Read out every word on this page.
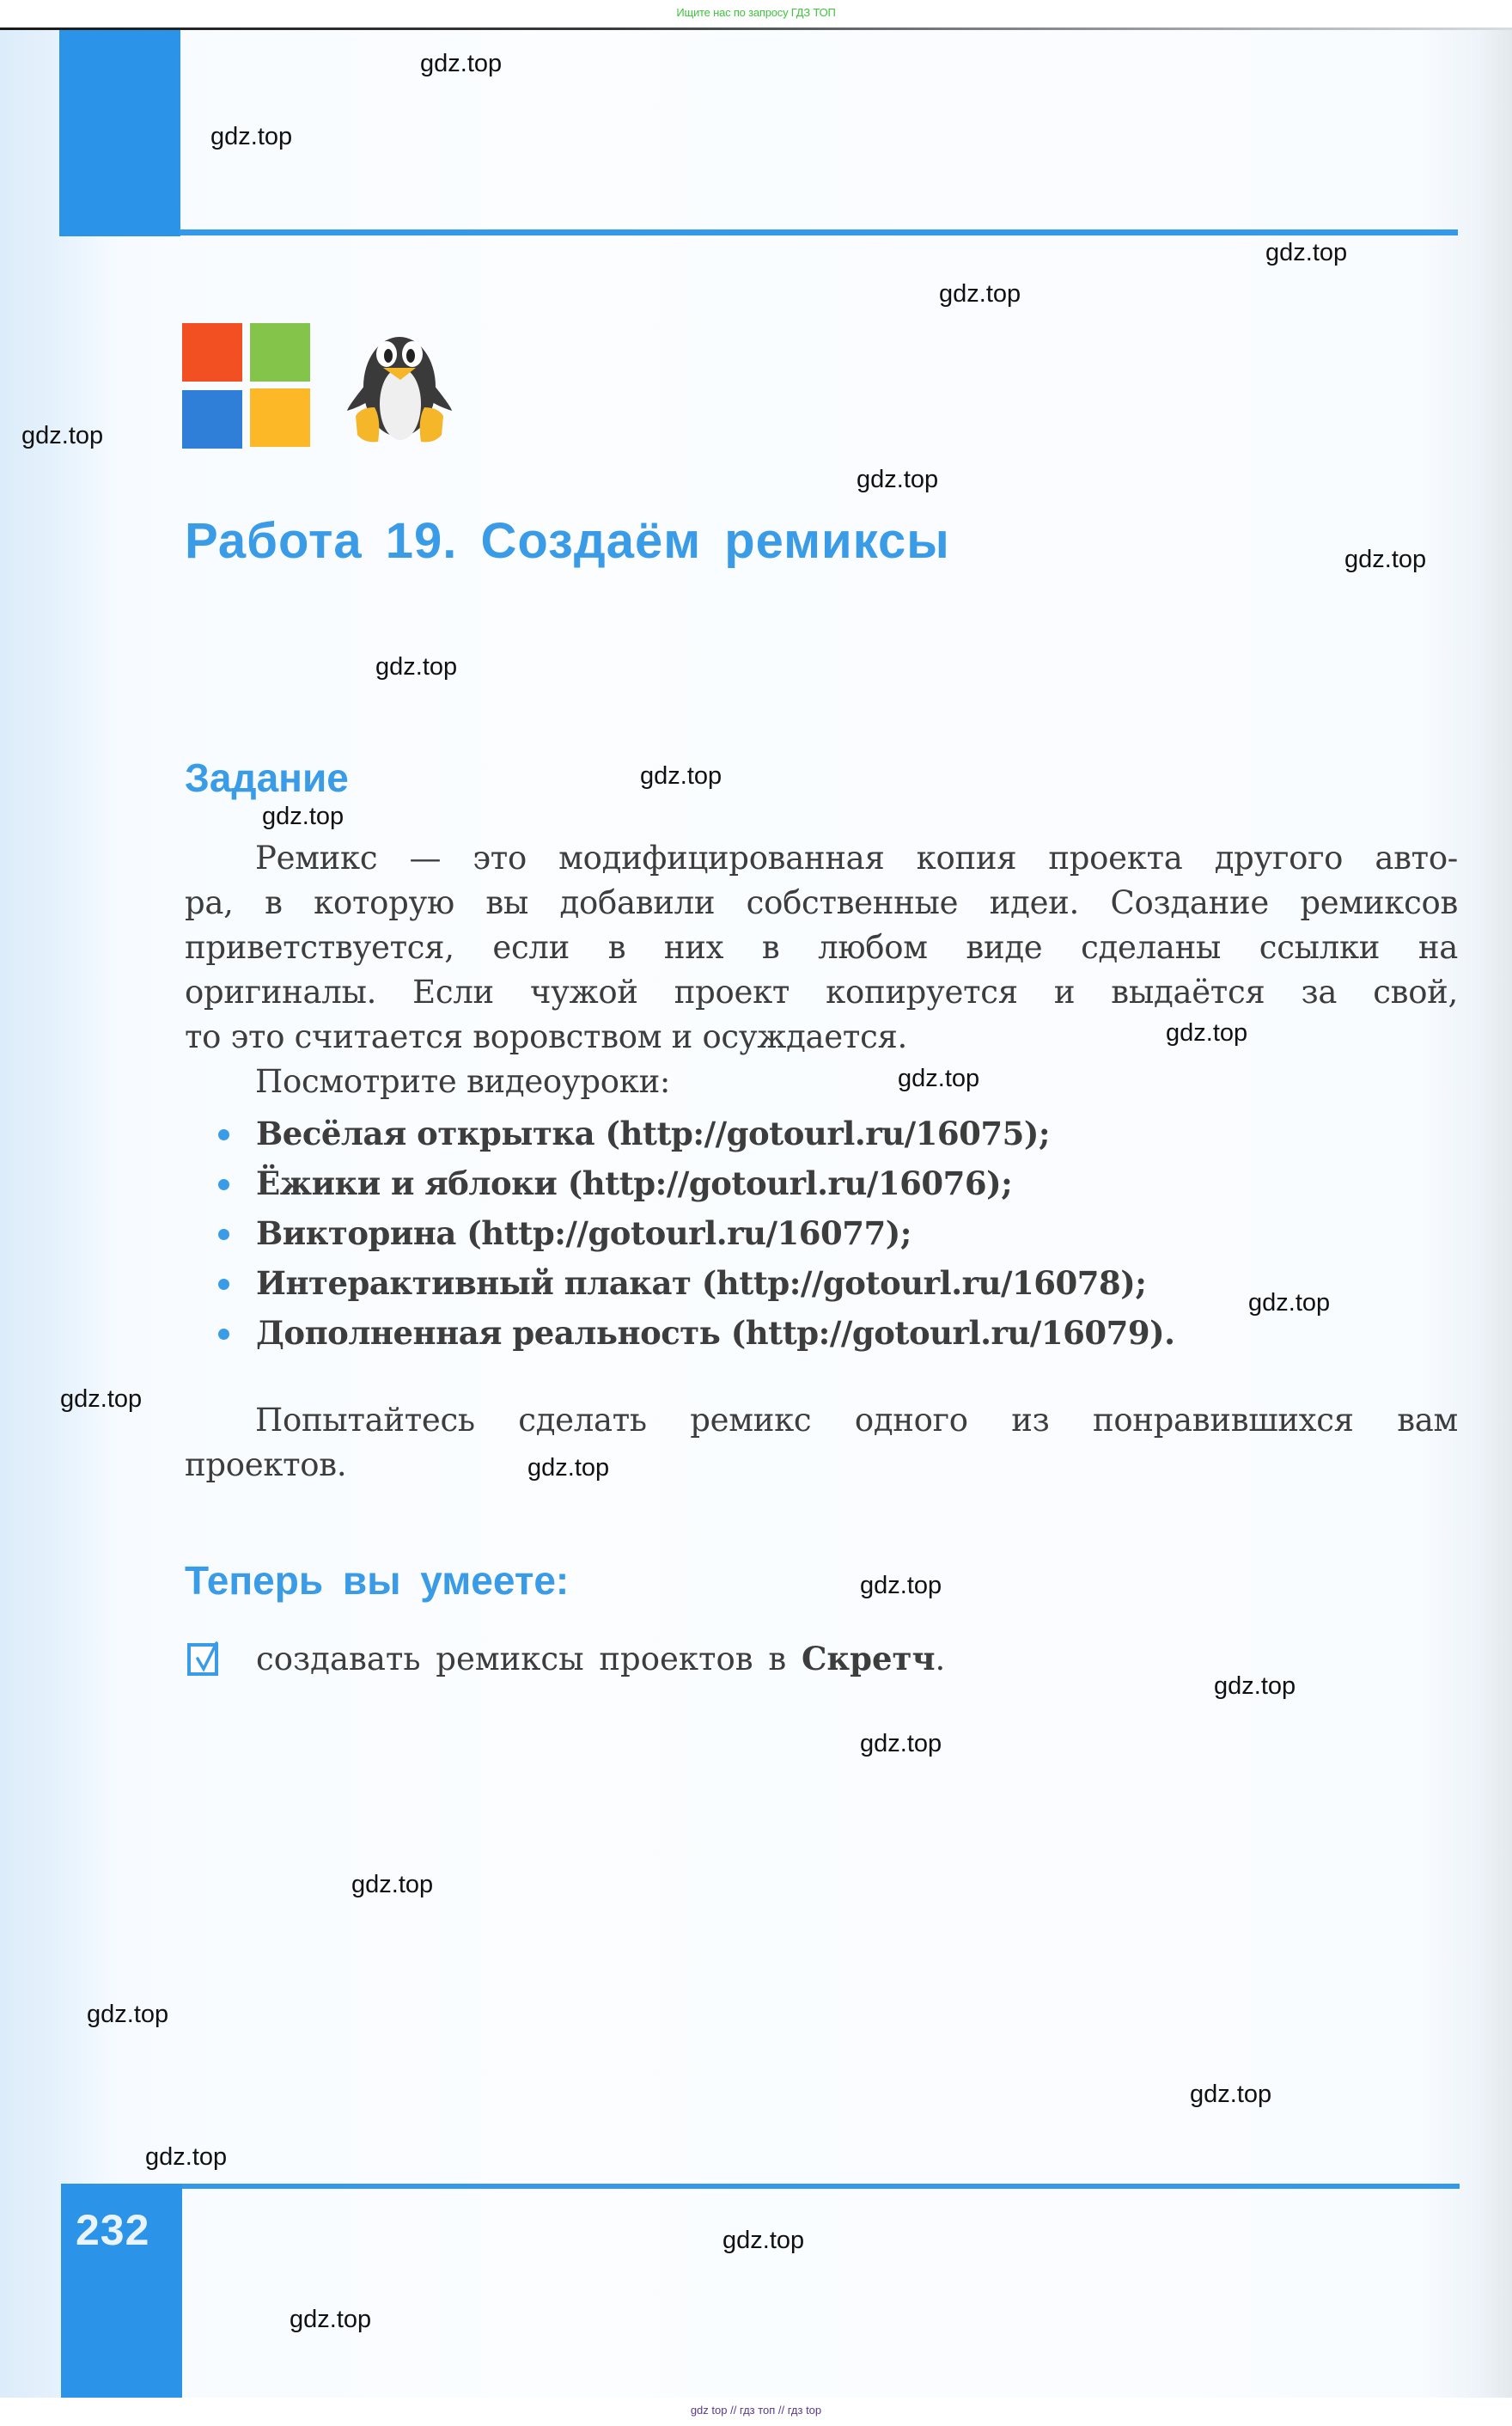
Ищите нас по запросу ГДЗ ТОП
Работа 19. Создаём ремиксы
Задание
Ремикс — это модифицированная копия проекта другого авто-
ра, в которую вы добавили собственные идеи. Создание ремиксов
приветствуется, если в них в любом виде сделаны ссылки на
оригиналы. Если чужой проект копируется и выдаётся за свой,
то это считается воровством и осуждается.
Посмотрите видеоуроки:
Весёлая открытка (http://gotourl.ru/16075);
Ёжики и яблоки (http://gotourl.ru/16076);
Викторина (http://gotourl.ru/16077);
Интерактивный плакат (http://gotourl.ru/16078);
Дополненная реальность (http://gotourl.ru/16079).
Попытайтесь сделать ремикс одного из понравившихся вам
проектов.
Теперь вы умеете:
создавать ремиксы проектов в Скретч.
232
gdz.top
gdz.top
gdz.top
gdz.top
gdz.top
gdz.top
gdz.top
gdz.top
gdz.top
gdz.top
gdz.top
gdz.top
gdz.top
gdz.top
gdz.top
gdz.top
gdz.top
gdz.top
gdz.top
gdz.top
gdz.top
gdz.top
gdz.top
gdz.top
gdz top // гдз топ // гдз top
